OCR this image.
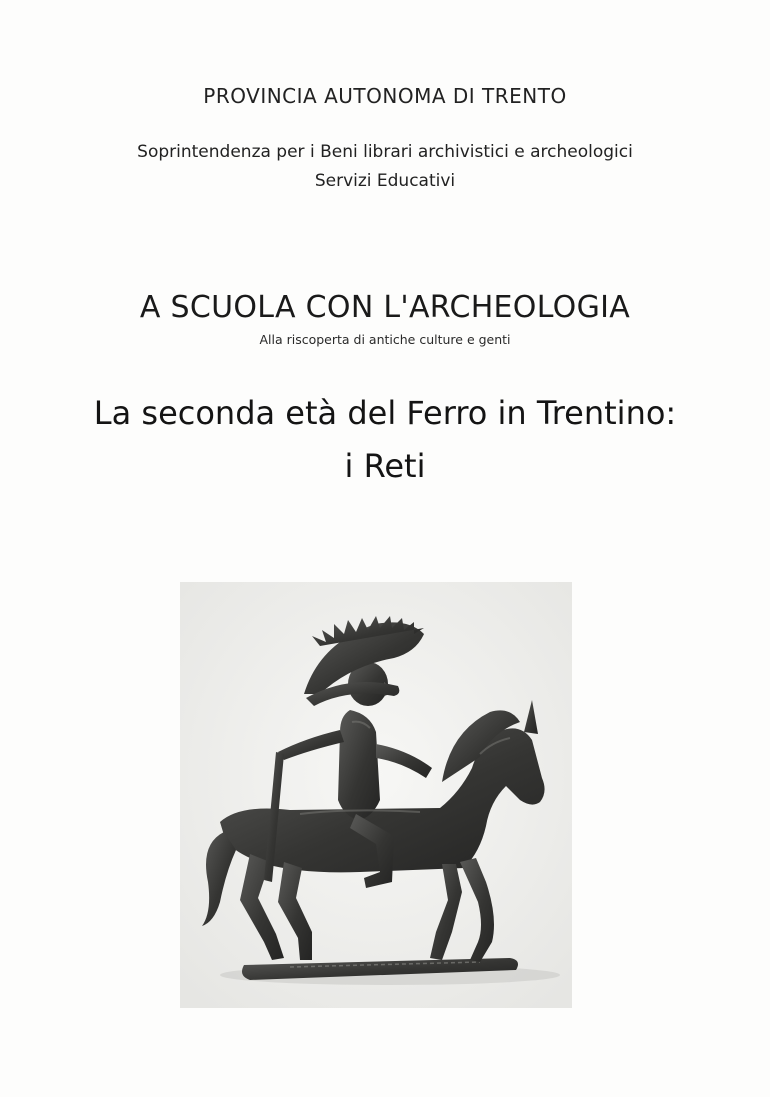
PROVINCIA AUTONOMA DI TRENTO
Soprintendenza per i Beni librari archivistici e archeologici
Servizi Educativi
A SCUOLA CON L'ARCHEOLOGIA
Alla riscoperta di antiche culture e genti
La seconda età del Ferro in Trentino:
i Reti
